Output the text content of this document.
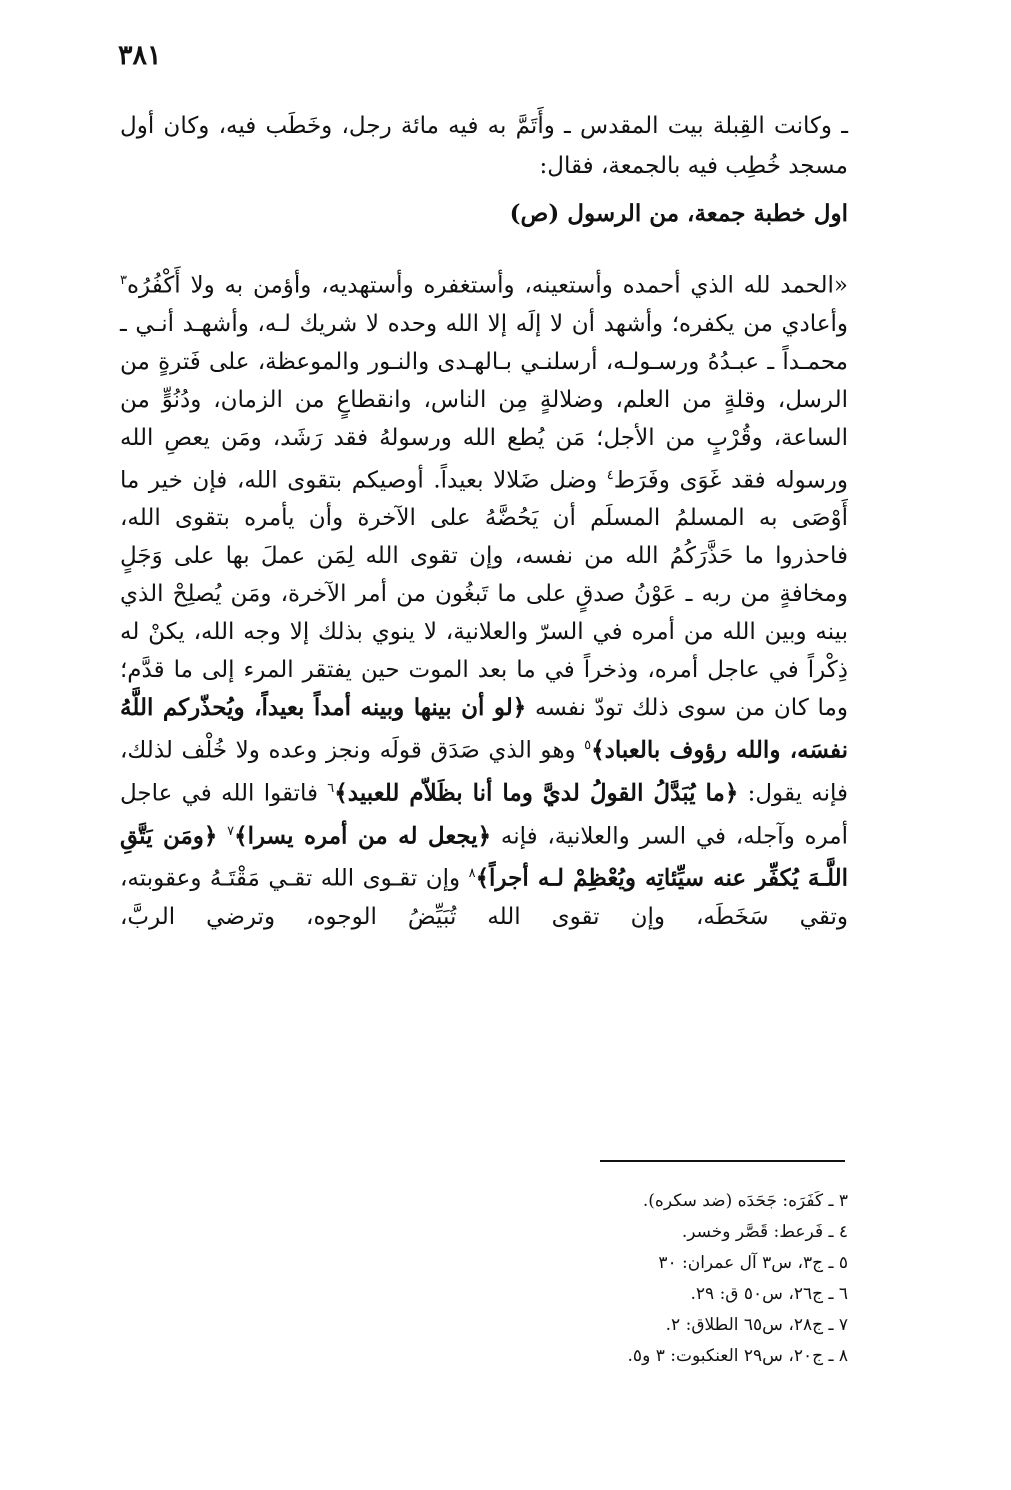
٣٨١

ـ وكانت القِبلة بيت المقدس ـ وأَتَمَّ به فيه مائة رجل، وخَطَب فيه، وكان أول مسجد خُطِب فيه بالجمعة، فقال:

اول خطبة جمعة، من الرسول (ص)

«الحمد لله الذي أحمده وأستعينه، وأستغفره وأستهديه، وأؤمن به ولا أَكْفُرُه$^٣$ وأعادي من يكفره؛ وأشهد أن لا إلَه إلا الله وحده لا شريك لـه، وأشهـد أنـي ـ محمـداً ـ عبـدُهُ ورسـولـه، أرسلنـي بـالهـدى والنـور والموعظة، على فَترةٍ من الرسل، وقلةٍ من العلم، وضلالةٍ مِن الناس، وانقطاعٍ من الزمان، ودُنُوٍّ من الساعة، وقُرْبٍ من الأجل؛ مَن يُطع الله ورسولهُ فقد رَشَد، ومَن يعصِ الله ورسوله فقد غَوَى وفَرَط$^٤$ وضل ضَلالا بعيداً. أوصيكم بتقوى الله، فإن خير ما أَوْصَى به المسلمُ المسلَم أن يَحُضَّهُ على الآخرة وأن يأمره بتقوى الله، فاحذروا ما حَذَّرَكُمُ الله من نفسه، وإن تقوى الله لِمَن عملَ بها على وَجَلٍ ومخافةٍ من ربه ـ عَوْنُ صدقٍ على ما تَبغُون من أمر الآخرة، ومَن يُصلِحْ الذي بينه وبين الله من أمره في السرّ والعلانية، لا ينوي بذلك إلا وجه الله، يكنْ له ذِكْراً في عاجل أمره، وذخراً في ما بعد الموت حين يفتقر المرء إلى ما قدَّم؛ وما كان من سوى ذلك تودّ نفسه ﴿لو أن بينها وبينه أمداً بعيداً، ويُحذّركم اللَّهُ نفسَه، والله رؤوف بالعباد﴾$^٥$ وهو الذي صَدَق قولَه ونجز وعده ولا خُلْف لذلك، فإنه يقول: ﴿ما يُبَدَّلُ القولُ لديَّ وما أنا بظَلاّم للعبيد﴾$^٦$ فاتقوا الله في عاجل أمره وآجله، في السر والعلانية، فإنه ﴿يجعل له من أمره يسرا﴾$^٧$ ﴿ومَن يَتَّقِ اللَّـهَ يُكفِّر عنه سيِّئاتِه ويُعْظِمْ لـه أجراً﴾$^٨$ وإن تقـوى الله تقـي مَقْتَـهُ وعقوبته، وتقي سَخَطَه، وإن تقوى الله تُبَيِّضُ الوجوه، وترضي الربَّ،

٣ ـ كَفَرَه: جَحَدَه (ضد سكره).
٤ ـ فَرعط: قَصَّر وخسر.
٥ ـ ج٣، س٣ آل عمران: ٣٠
٦ ـ ج٢٦، س٥٠ ق: ٢٩.
٧ ـ ج٢٨، س٦٥ الطلاق: ٢.
٨ ـ ج٢٠، س٢٩ العنكبوت: ٣ و٥.
